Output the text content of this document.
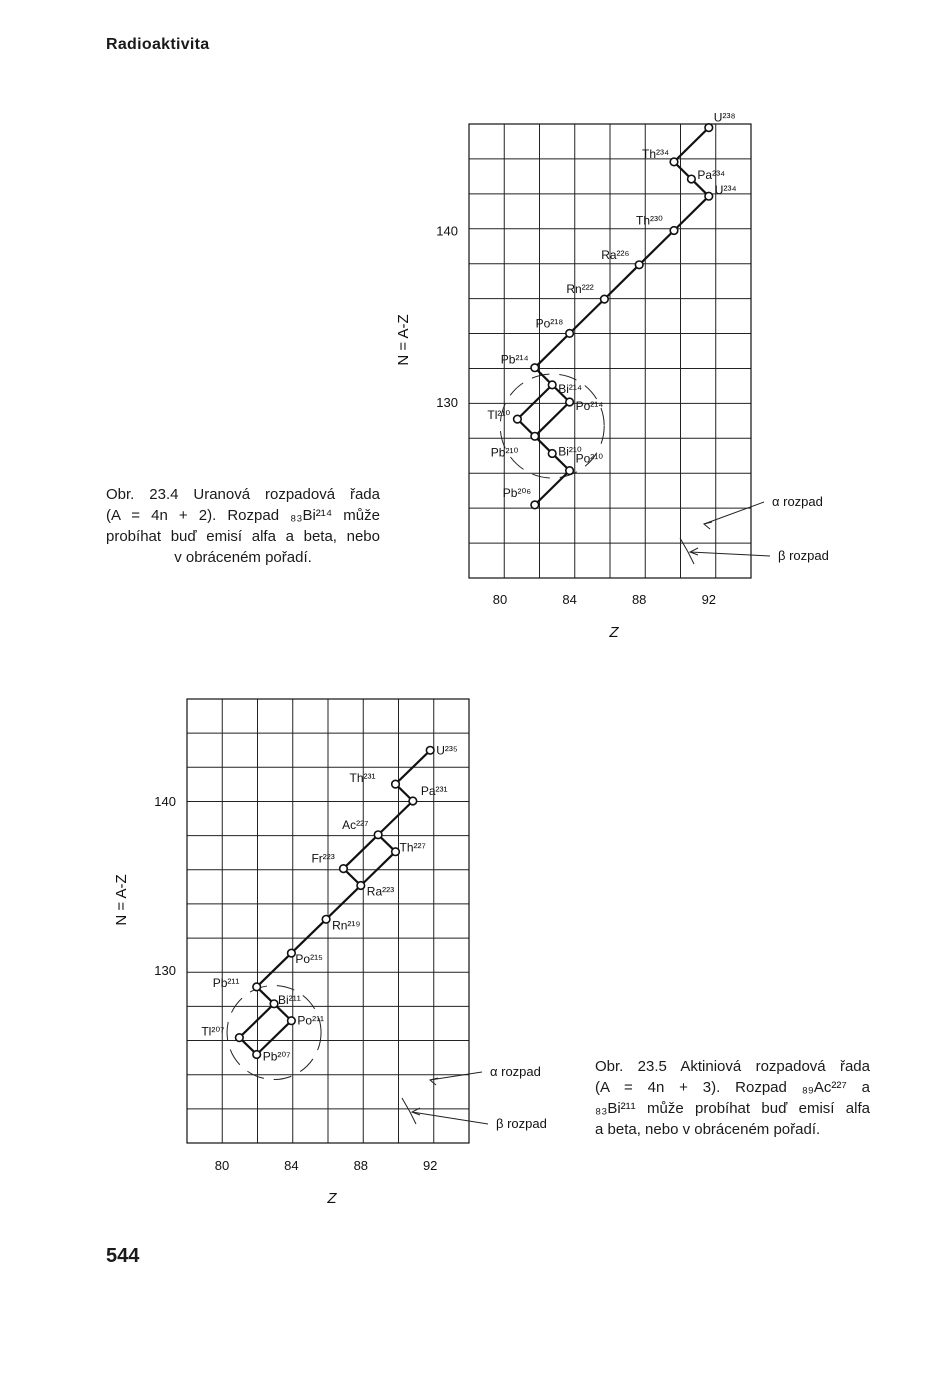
Radioaktivita
U²³⁸
Th²³⁴
Pa²³⁴
U²³⁴
Th²³⁰
Ra²²⁶
Rn²²²
Po²¹⁸
Pb²¹⁴
Bi²¹⁴
Tl²¹⁰
Po²¹⁴
Pb²¹⁰	Bi²¹⁰
Po²¹⁰
Pb²⁰⁶
80	84	88	92
140
130
Z
N = A-Z
α rozpad
β rozpad
U²³⁵
Th²³¹
Pa²³¹
Ac²²⁷
Th²²⁷
Fr²²³
Ra²²³
Rn²¹⁹
Po²¹⁵
Pb²¹¹
Bi²¹¹
Tl²⁰⁷
Po²¹¹
Pb²⁰⁷
80	84	88	92
140
130
Z
N = A-Z
α rozpad
β rozpad
Obr. 23.4 Uranová rozpadová řada
(A = 4n + 2). Rozpad ₈₃Bi²¹⁴ může
probíhat buď emisí alfa a beta, nebo
v obráceném pořadí.
Obr. 23.5 Aktiniová rozpadová řada
(A = 4n + 3). Rozpad ₈₉Ac²²⁷ a
₈₃Bi²¹¹ může probíhat buď emisí alfa
a beta, nebo v obráceném pořadí.
544
